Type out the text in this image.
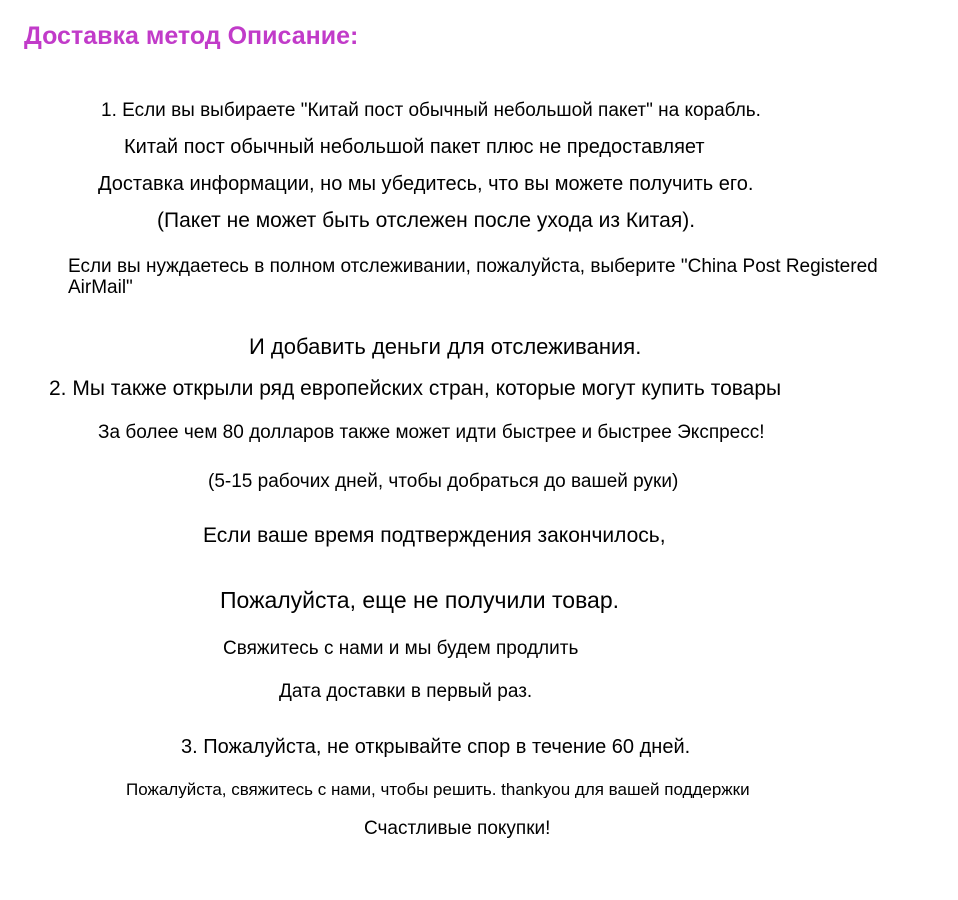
Доставка метод Описание:

1. Если вы выбираете "Китай пост обычный небольшой пакет" на корабль.

Китай пост обычный небольшой пакет плюс не предоставляет

Доставка информации, но мы убедитесь, что вы можете получить его.

(Пакет не может быть отслежен после ухода из Китая).

Если вы нуждаетесь в полном отслеживании, пожалуйста, выберите "China Post Registered AirMail"

И добавить деньги для отслеживания.

2. Мы также открыли ряд европейских стран, которые могут купить товары

За более чем 80 долларов также может идти быстрее и быстрее Экспресс!

(5-15 рабочих дней, чтобы добраться до вашей руки)

Если ваше время подтверждения закончилось,

Пожалуйста, еще не получили товар.

Свяжитесь с нами и мы будем продлить

Дата доставки в первый раз.

3. Пожалуйста, не открывайте спор в течение 60 дней.

Пожалуйста, свяжитесь с нами, чтобы решить. thankyou для вашей поддержки

Счастливые покупки!
